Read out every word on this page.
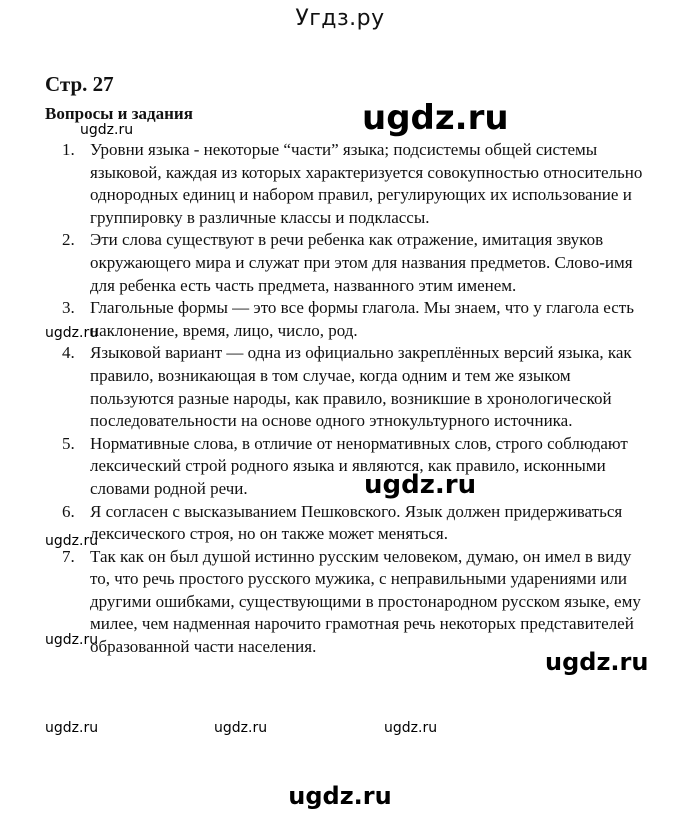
Угдз.ру
Стр. 27
Вопросы и задания
1. Уровни языка - некоторые “части” языка; подсистемы общей системы языковой, каждая из которых характеризуется совокупностью относительно однородных единиц и набором правил, регулирующих их использование и группировку в различные классы и подклассы.
2. Эти слова существуют в речи ребенка как отражение, имитация звуков окружающего мира и служат при этом для названия предметов. Слово-имя для ребенка есть часть предмета, названного этим именем.
3. Глагольные формы — это все формы глагола. Мы знаем, что у глагола есть наклонение, время, лицо, число, род.
4. Языковой вариант — одна из официально закреплённых версий языка, как правило, возникающая в том случае, когда одним и тем же языком пользуются разные народы, как правило, возникшие в хронологической последовательности на основе одного этнокультурного источника.
5. Нормативные слова, в отличие от ненормативных слов, строго соблюдают лексический строй родного языка и являются, как правило, исконными словами родной речи.
6. Я согласен с высказыванием Пешковского. Язык должен придерживаться лексического строя, но он также может меняться.
7. Так как он был душой истинно русским человеком, думаю, он имел в виду то, что речь простого русского мужика, с неправильными ударениями или другими ошибками, существующими в простонародном русском языке, ему милее, чем надменная нарочито грамотная речь некоторых представителей образованной части населения.
ugdz.ru
ugdz.ru
ugdz.ru
ugdz.ru
ugdz.ru
ugdz.ru
ugdz.ru
ugdz.ru
ugdz.ru	ugdz.ru	ugdz.ru
